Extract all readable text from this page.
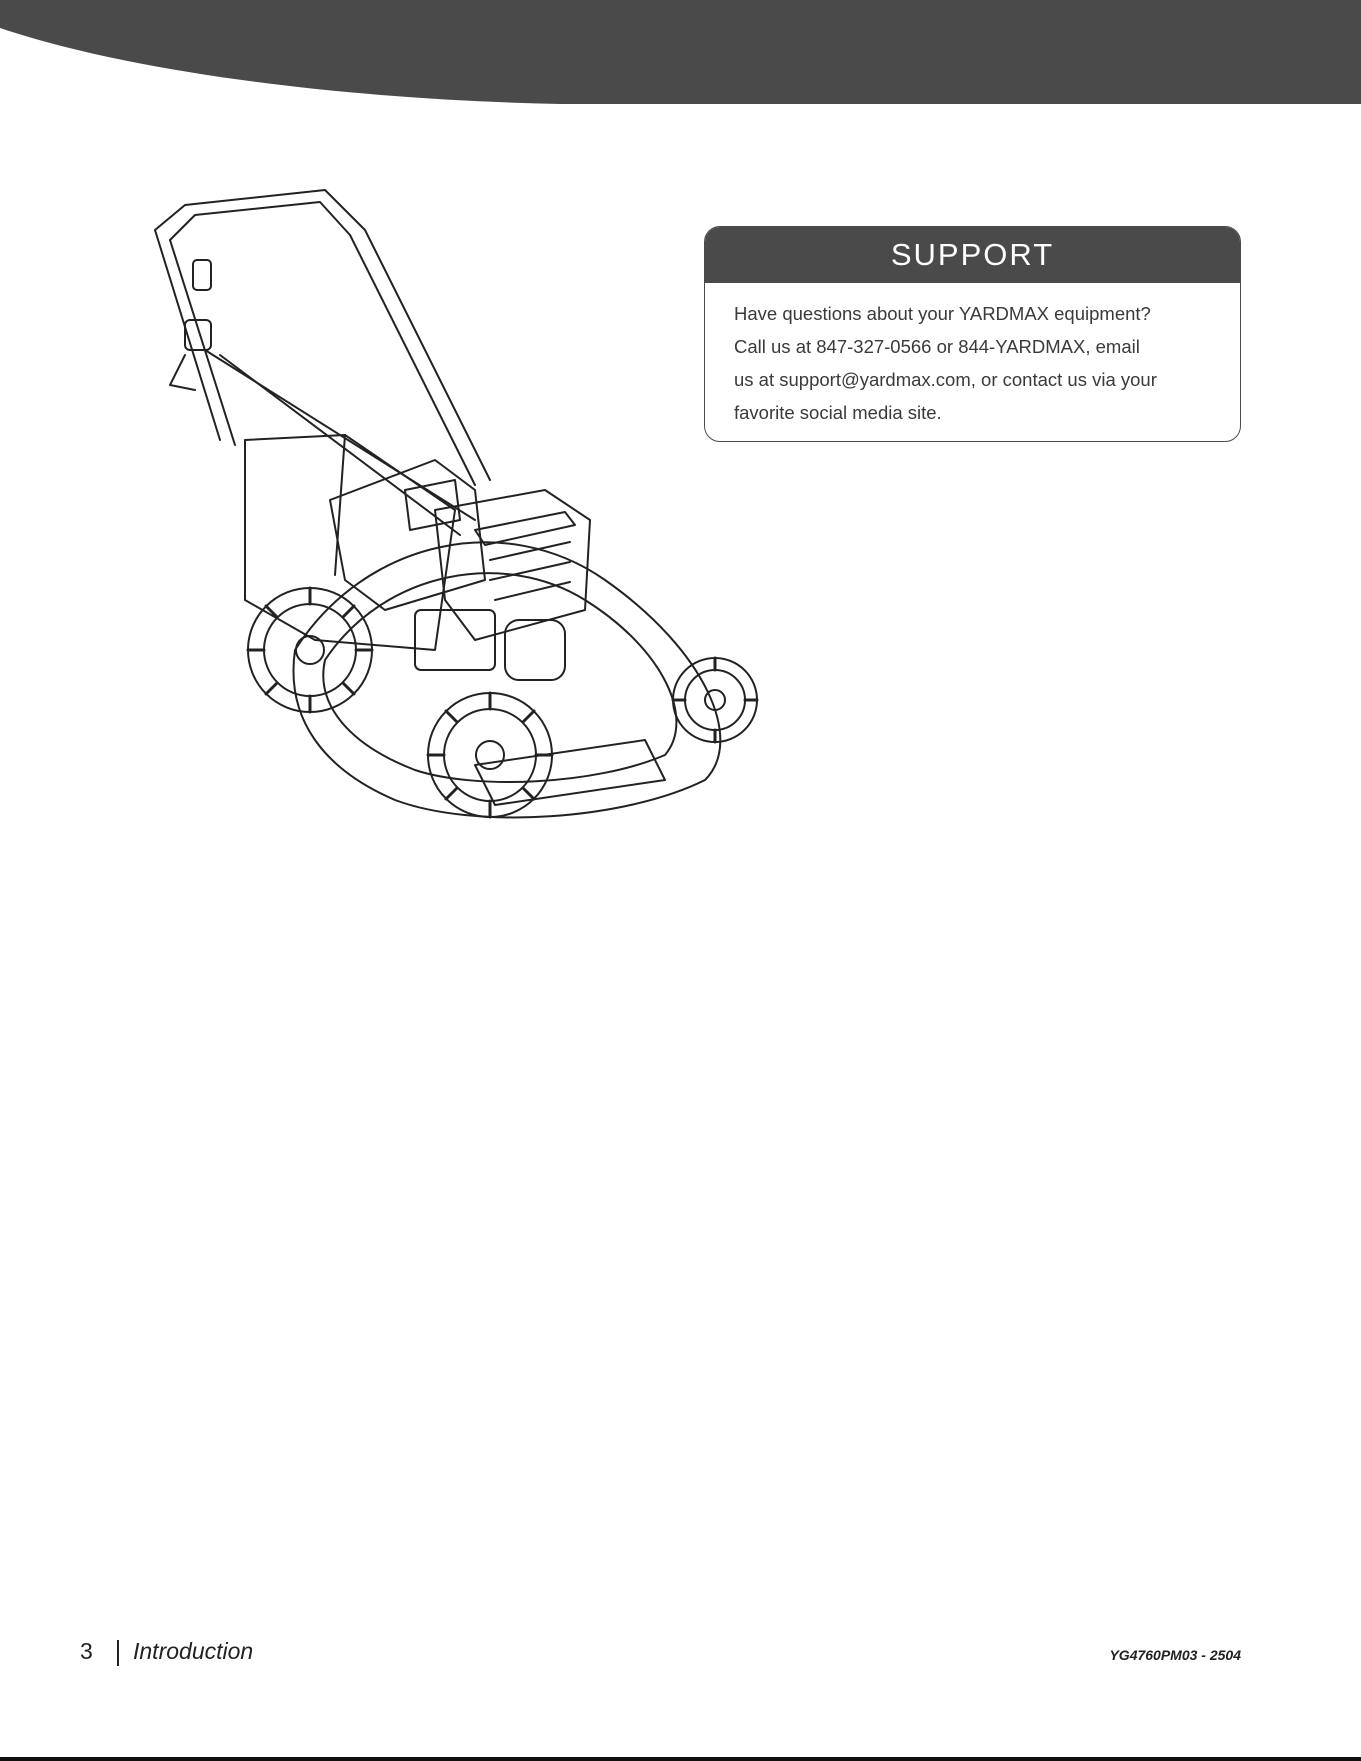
SUPPORT
Have questions about your YARDMAX equipment?
Call us at 847-327-0566 or 844-YARDMAX, email
us at support@yardmax.com, or contact us via your
favorite social media site.
3 Introduction	YG4760PM03 - 2504
